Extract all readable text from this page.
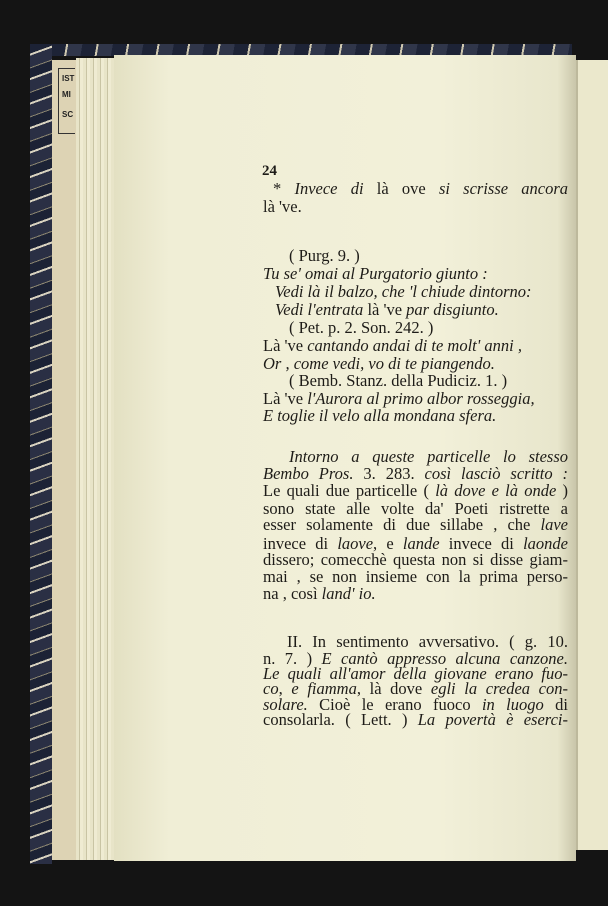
IST
MI
SC
24
* Invece di là ove si scrisse ancora
là 've.
( Purg. 9. )
Tu se' omai al Purgatorio giunto :
Vedi là il balzo, che 'l chiude dintorno:
Vedi l'entrata là 've par disgiunto.
( Pet. p. 2. Son. 242. )
Là 've cantando andai di te molt' anni ,
Or , come vedi, vo di te piangendo.
( Bemb. Stanz. della Pudiciz. 1. )
Là 've l'Aurora al primo albor rosseggia,
E toglie il velo alla mondana sfera.
Intorno a queste particelle lo stesso
Bembo Pros. 3. 283. così lasciò scritto :
Le quali due particelle ( là dove e là onde )
sono state alle volte da' Poeti ristrette a
esser solamente di due sillabe , che lave
invece di laove, e lande invece di laonde
dissero; comecchè questa non si disse giam-
mai , se non insieme con la prima perso-
na , così land' io.
II. In sentimento avversativo. ( g. 10.
n. 7. ) E cantò appresso alcuna canzone.
Le quali all'amor della giovane erano fuo-
co, e fiamma, là dove egli la credea con-
solare. Cioè le erano fuoco in luogo di
consolarla. ( Lett. ) La povertà è eserci-
